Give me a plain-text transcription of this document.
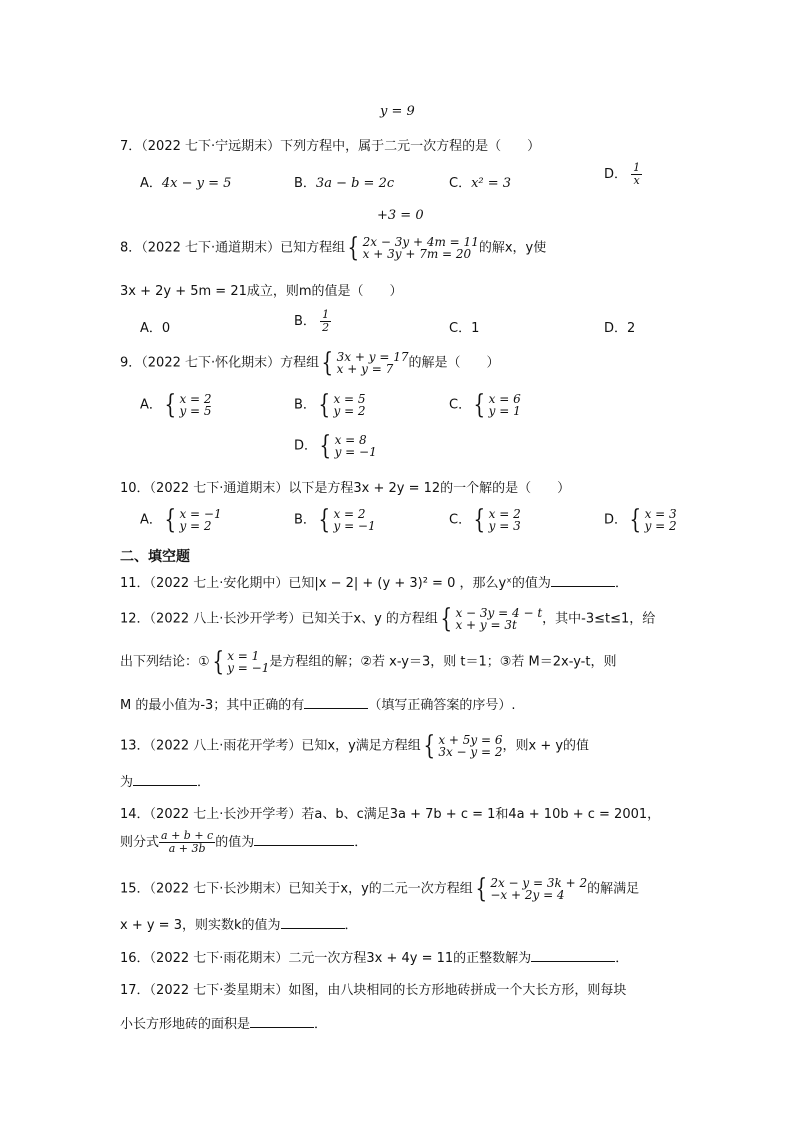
y = 9
7．（2022 七下·宁远期末）下列方程中，属于二元一次方程的是（　　）
A．4x − y = 5	B．3a − b = 2c	C．x² = 3
D． $\frac{1}{x}$
+3 = 0
8．（2022 七下·通道期末）已知方程组 { 2x − 3y + 4m = 11
x + 3y + 7m = 20 的解x，y使
3x + 2y + 5m = 21成立，则m的值是（　　）
A．0	B． $\frac{1}{2}$	C．1	D．2
9．（2022 七下·怀化期末）方程组 { 3x + y = 17
x + y = 7	的解是（　　）
A． { x = 2
y = 5	B． { x = 5
y = 2	C． { x = 6
y = 1
D． { x = 8
y = −1
10．（2022 七下·通道期末）以下是方程3x + 2y = 12的一个解的是（　　）
A． { x = −1
y = 2	B． { x = 2
y = −1	C． { x = 2
y = 3	D． { x = 3
y = 2
二、填空题
11．（2022 七上·安化期中）已知|x − 2| + (y + 3)² = 0 ，那么yˣ的值为	．
12．（2022 八上·长沙开学考）已知关于x、y 的方程组 { x − 3y = 4 − t
x + y = 3t	，其中-3≤t≤1，给
出下列结论：① { x = 1
y = −1 是方程组的解；②若 x-y＝3，则 t＝1；③若 M＝2x-y-t，则
M 的最小值为-3；其中正确的有	（填写正确答案的序号）.
13．（2022 八上·雨花开学考）已知x，y满足方程组 { x + 5y = 6
3x − y = 2 ，则x + y的值
为	．
14．（2022 七上·长沙开学考）若a、b、c满足3a + 7b + c = 1和4a + 10b + c = 2001，
则分式 $\frac{a + b + c}{a + 3b}$ 的值为	．
15．（2022 七下·长沙期末）已知关于x，y的二元一次方程组 { 2x − y = 3k + 2
−x + 2y = 4	的解满足
x + y = 3，则实数k的值为	．
16．（2022 七下·雨花期末）二元一次方程3x + 4y = 11的正整数解为	．
17．（2022 七下·娄星期末）如图，由八块相同的长方形地砖拼成一个大长方形，则每块
小长方形地砖的面积是	．
